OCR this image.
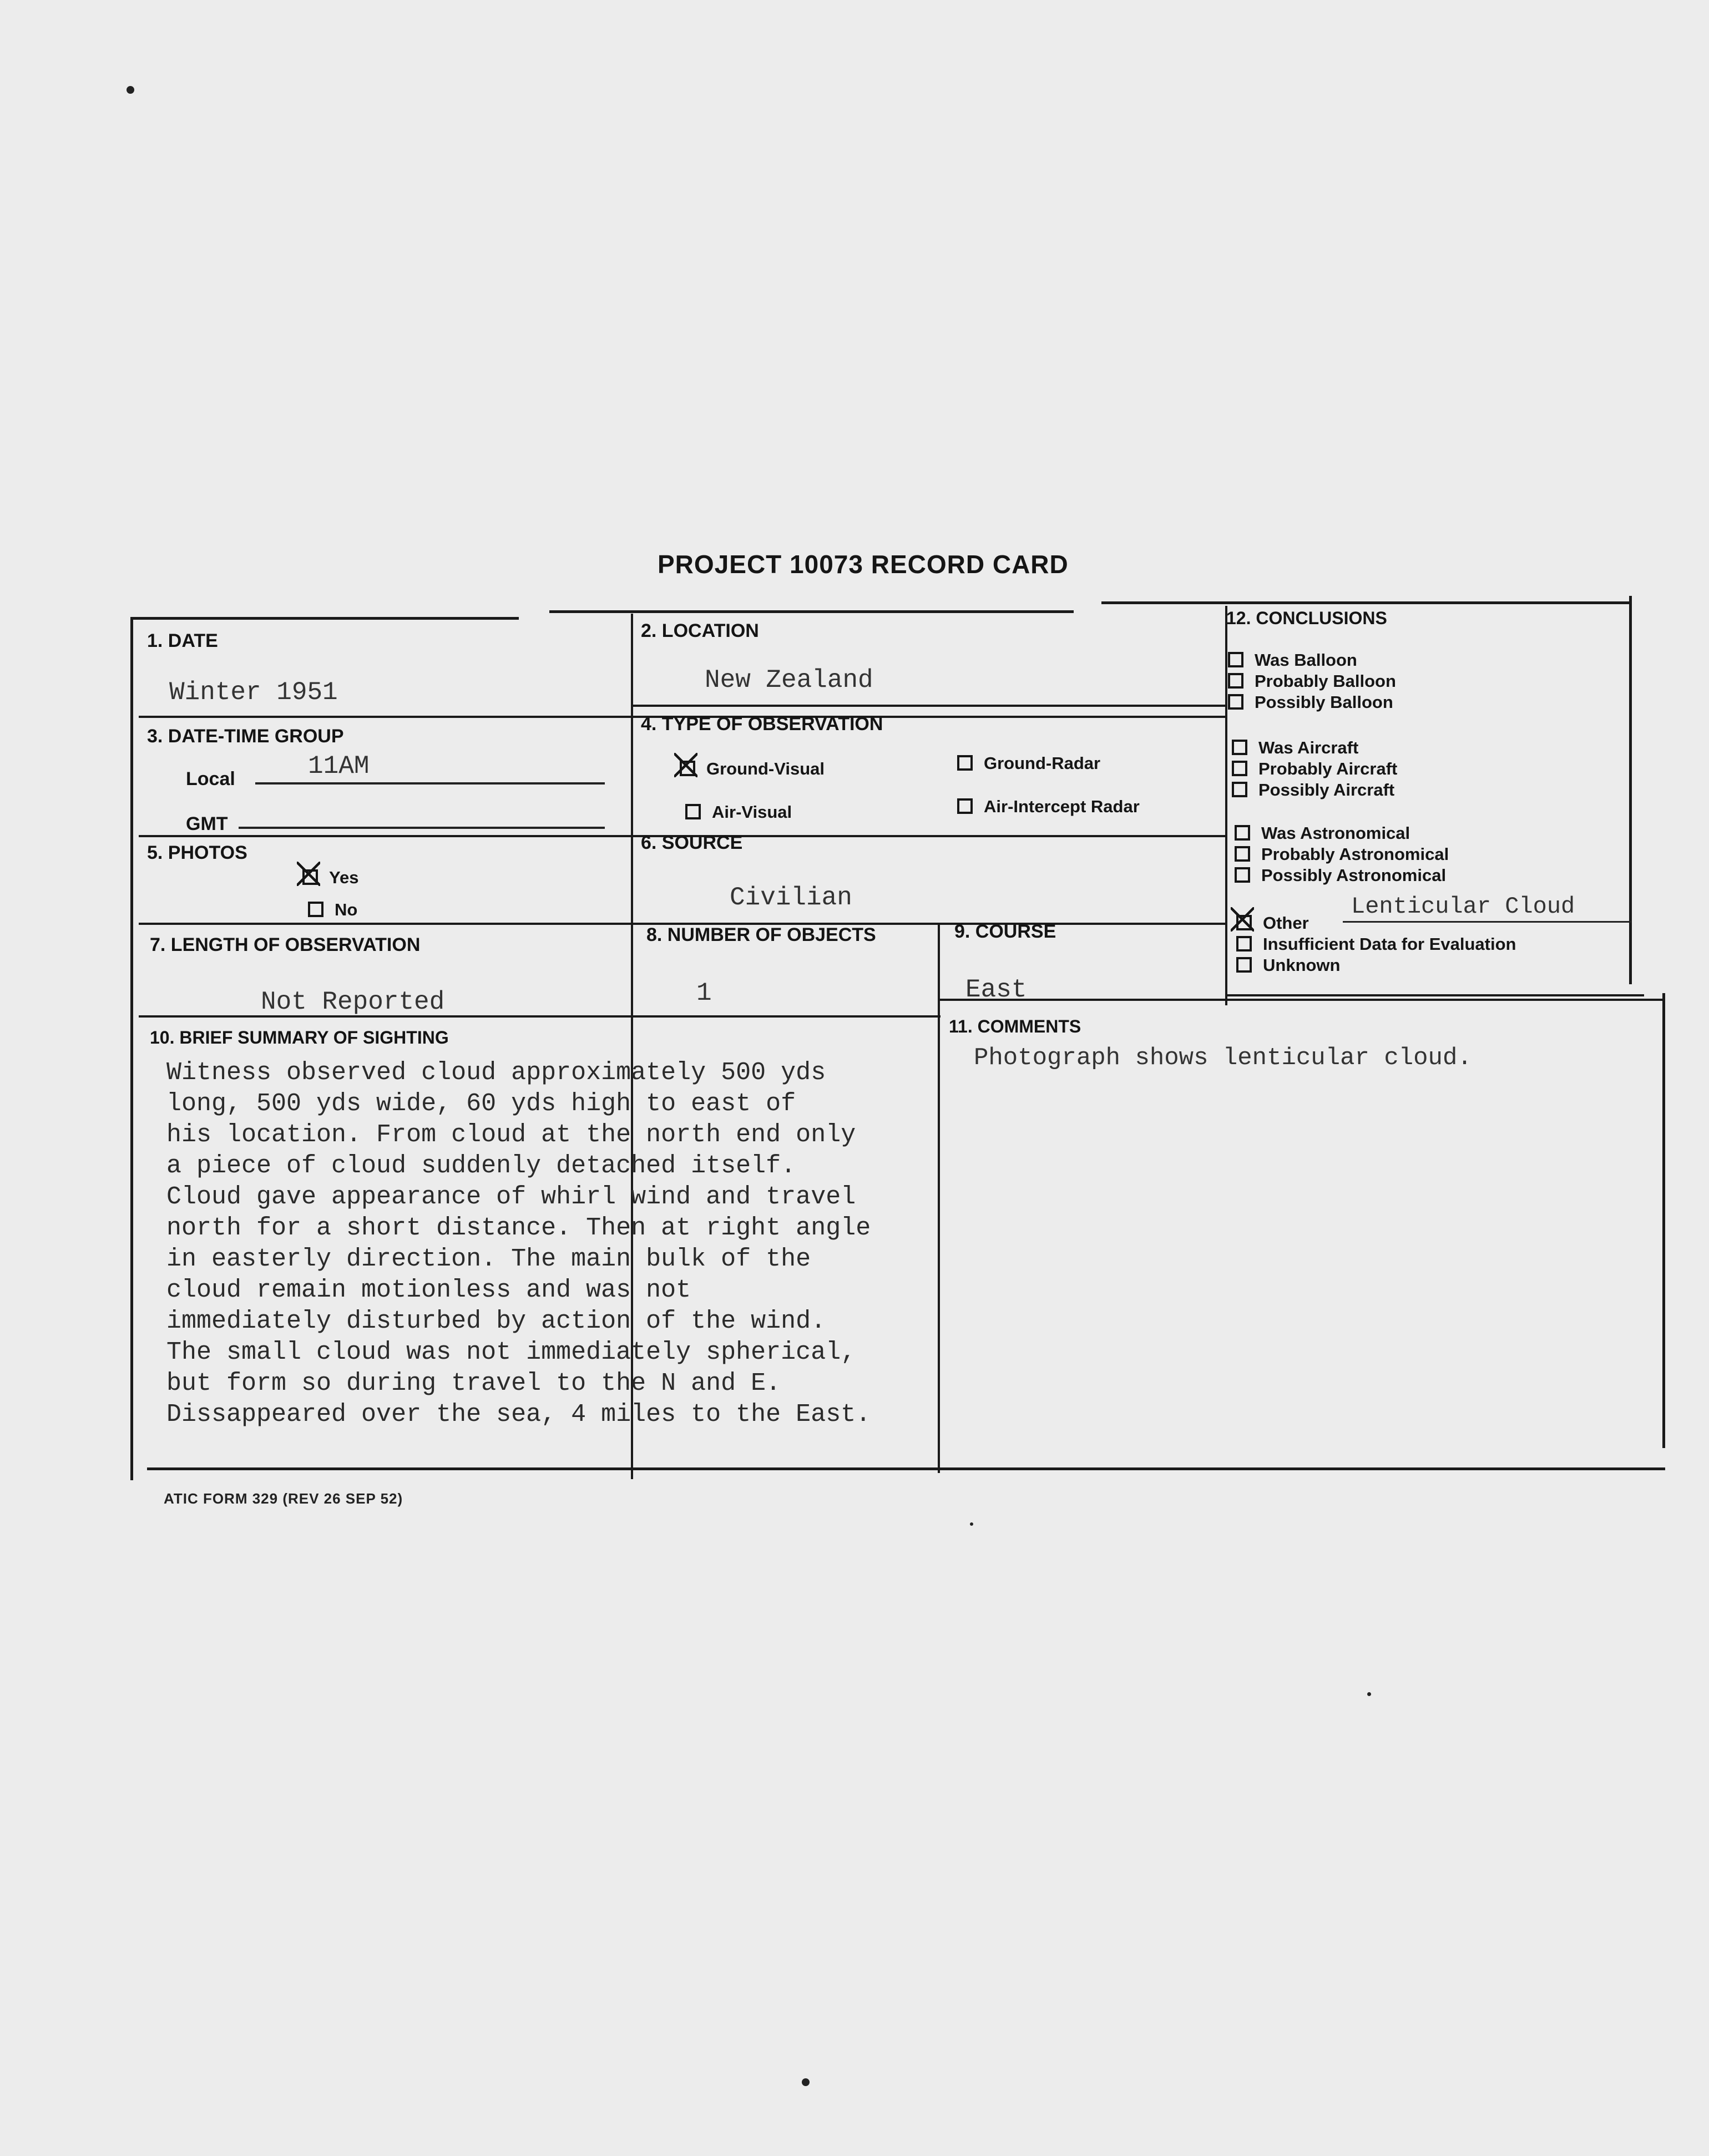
PROJECT 10073 RECORD CARD
1. DATE
Winter 1951
2. LOCATION
New Zealand
3. DATE-TIME GROUP
Local	11AM
GMT
4. TYPE OF OBSERVATION
Ground-Visual	Ground-Radar
Air-Visual	Air-Intercept Radar
5. PHOTOS
Yes
No
6. SOURCE
Civilian
7. LENGTH OF OBSERVATION
Not Reported
8. NUMBER OF OBJECTS
1
9. COURSE
East
10. BRIEF SUMMARY OF SIGHTING
Witness observed cloud approximately 500 yds
long, 500 yds wide, 60 yds high to east of
his location. From cloud at the north end only
a piece of cloud suddenly detached itself.
Cloud gave appearance of whirl wind and travel
north for a short distance. Then at right angle
in easterly direction. The main bulk of the
cloud remain motionless and was not
immediately disturbed by action of the wind.
The small cloud was not immediately spherical,
but form so during travel to the N and E.
Dissappeared over the sea, 4 miles to the East.
11. COMMENTS
Photograph shows lenticular cloud.
12. CONCLUSIONS
Was Balloon
Probably Balloon
Possibly Balloon
Was Aircraft
Probably Aircraft
Possibly Aircraft
Was Astronomical
Probably Astronomical
Possibly Astronomical
Other
Lenticular Cloud
Insufficient Data for Evaluation
Unknown
ATIC FORM 329 (REV 26 SEP 52)
